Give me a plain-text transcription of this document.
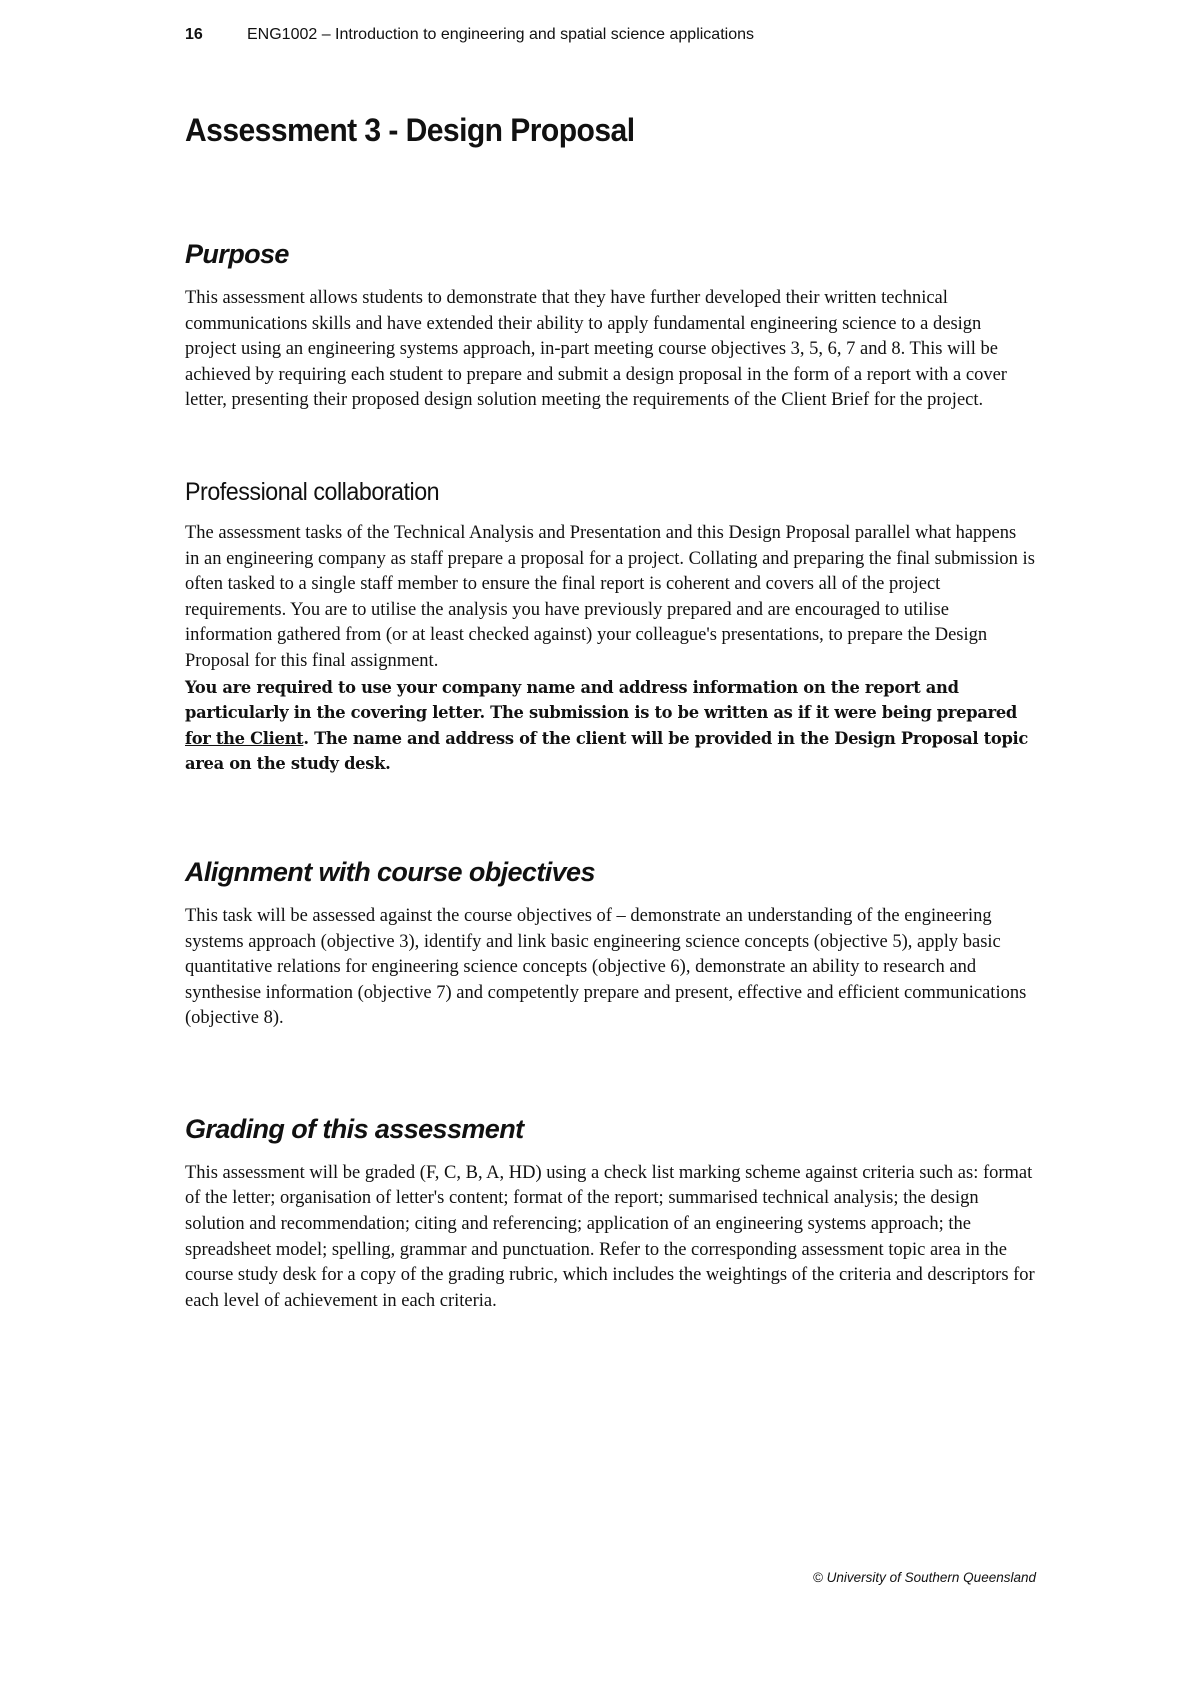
16	ENG1002 – Introduction to engineering and spatial science applications
Assessment 3 - Design Proposal
Purpose

This assessment allows students to demonstrate that they have further developed their written technical communications skills and have extended their ability to apply fundamental engineering science to a design project using an engineering systems approach, in-part meeting course objectives 3, 5, 6, 7 and 8. This will be achieved by requiring each student to prepare and submit a design proposal in the form of a report with a cover letter, presenting their proposed design solution meeting the requirements of the Client Brief for the project.

Professional collaboration

The assessment tasks of the Technical Analysis and Presentation and this Design Proposal parallel what happens in an engineering company as staff prepare a proposal for a project. Collating and preparing the final submission is often tasked to a single staff member to ensure the final report is coherent and covers all of the project requirements. You are to utilise the analysis you have previously prepared and are encouraged to utilise information gathered from (or at least checked against) your colleague's presentations, to prepare the Design Proposal for this final assignment.

You are required to use your company name and address information on the report and particularly in the covering letter. The submission is to be written as if it were being prepared for the Client. The name and address of the client will be provided in the Design Proposal topic area on the study desk.

Alignment with course objectives

This task will be assessed against the course objectives of – demonstrate an understanding of the engineering systems approach (objective 3), identify and link basic engineering science concepts (objective 5), apply basic quantitative relations for engineering science concepts (objective 6), demonstrate an ability to research and synthesise information (objective 7) and competently prepare and present, effective and efficient communications (objective 8).

Grading of this assessment

This assessment will be graded (F, C, B, A, HD) using a check list marking scheme against criteria such as: format of the letter; organisation of letter's content; format of the report; summarised technical analysis; the design solution and recommendation; citing and referencing; application of an engineering systems approach; the spreadsheet model; spelling, grammar and punctuation. Refer to the corresponding assessment topic area in the course study desk for a copy of the grading rubric, which includes the weightings of the criteria and descriptors for each level of achievement in each criteria.

© University of Southern Queensland
